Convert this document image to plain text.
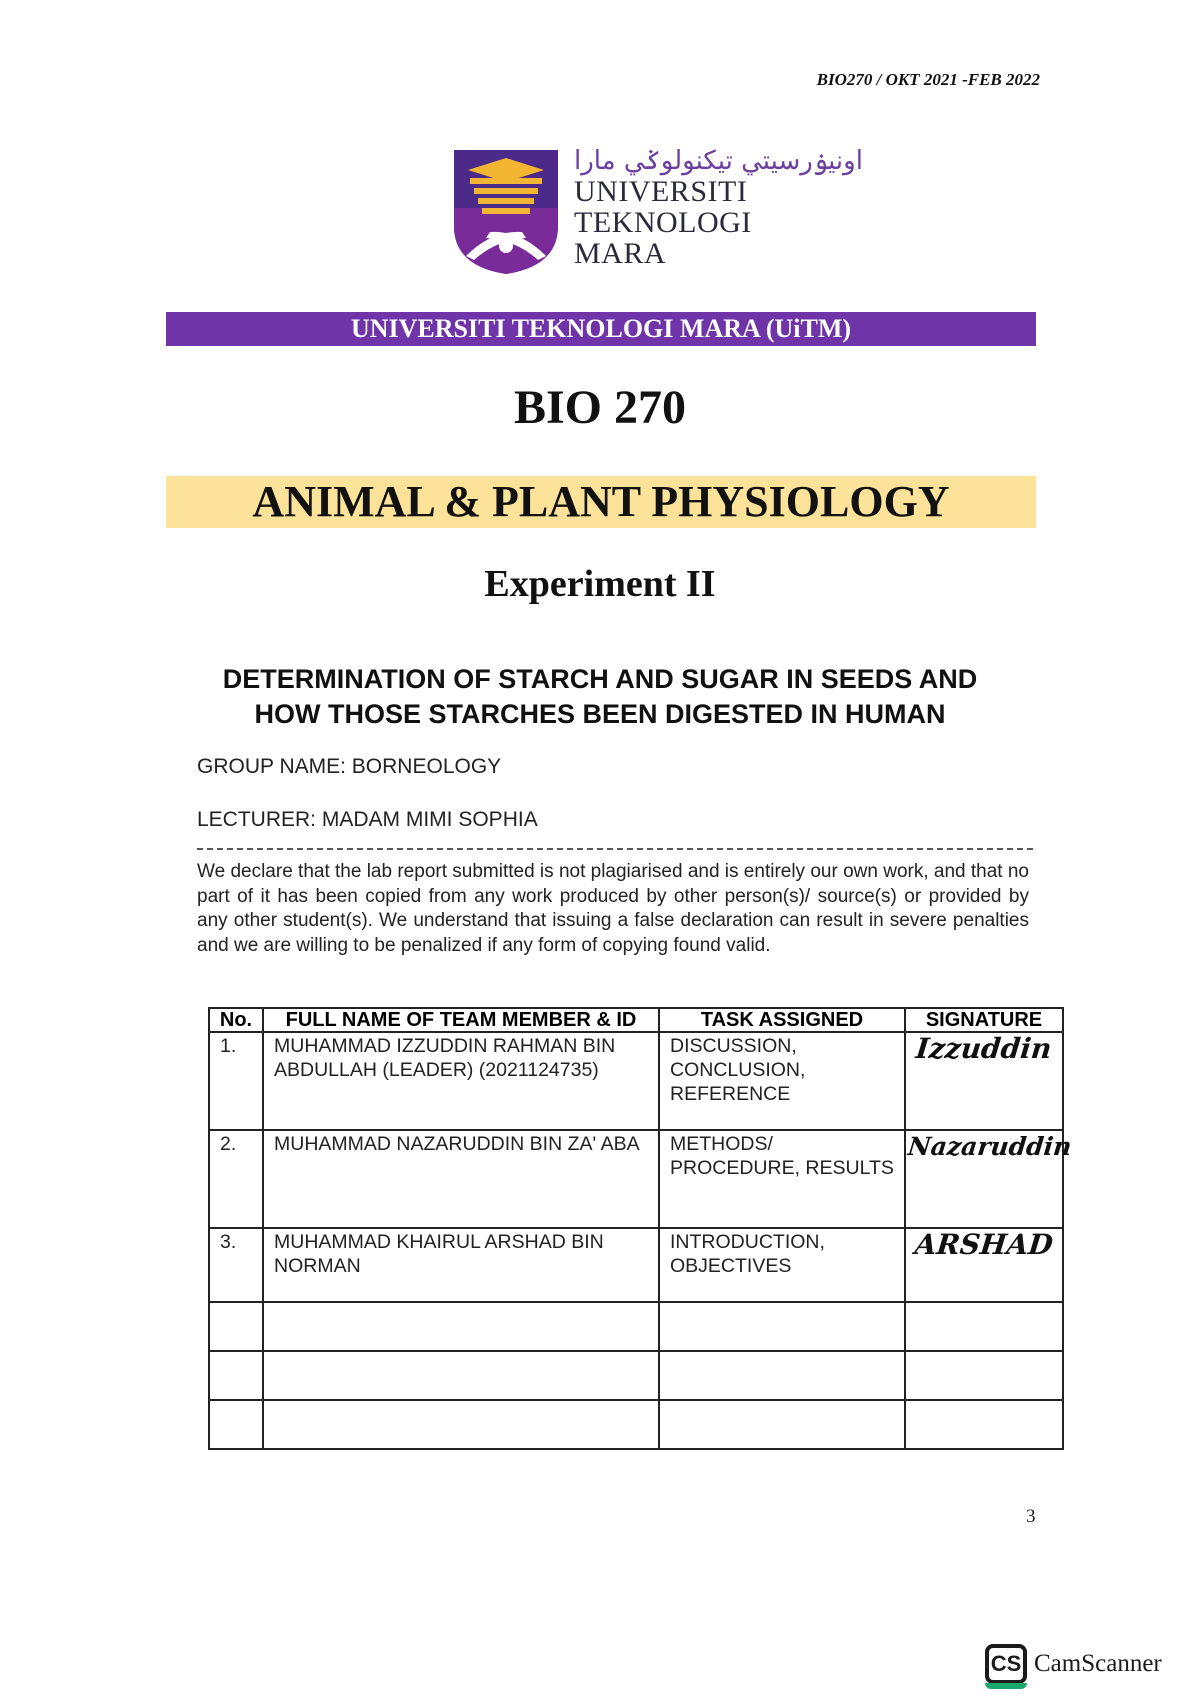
BIO270 / OKT 2021 -FEB 2022
اونيۏرسيتي تيكنولوݢي مارا
UNIVERSITI
TEKNOLOGI
MARA
UNIVERSITI TEKNOLOGI MARA (UiTM)
BIO 270
ANIMAL & PLANT PHYSIOLOGY
Experiment II
DETERMINATION OF STARCH AND SUGAR IN SEEDS AND
HOW THOSE STARCHES BEEN DIGESTED IN HUMAN
GROUP NAME: BORNEOLOGY
LECTURER: MADAM MIMI SOPHIA
We declare that the lab report submitted is not plagiarised and is entirely our own work, and that no part of it has been copied from any work produced by other person(s)/ source(s) or provided by any other student(s). We understand that issuing a false declaration can result in severe penalties and we are willing to be penalized if any form of copying found valid.
No.	FULL NAME OF TEAM MEMBER & ID	TASK ASSIGNED	SIGNATURE
1.	MUHAMMAD IZZUDDIN RAHMAN BIN ABDULLAH (LEADER) (2021124735)	DISCUSSION, CONCLUSION, REFERENCE	Izzuddin
2.	MUHAMMAD NAZARUDDIN BIN ZA' ABA	METHODS/ PROCEDURE, RESULTS	Nazaruddin
3.	MUHAMMAD KHAIRUL ARSHAD BIN NORMAN	INTRODUCTION, OBJECTIVES	ARSHAD

3
CS CamScanner
